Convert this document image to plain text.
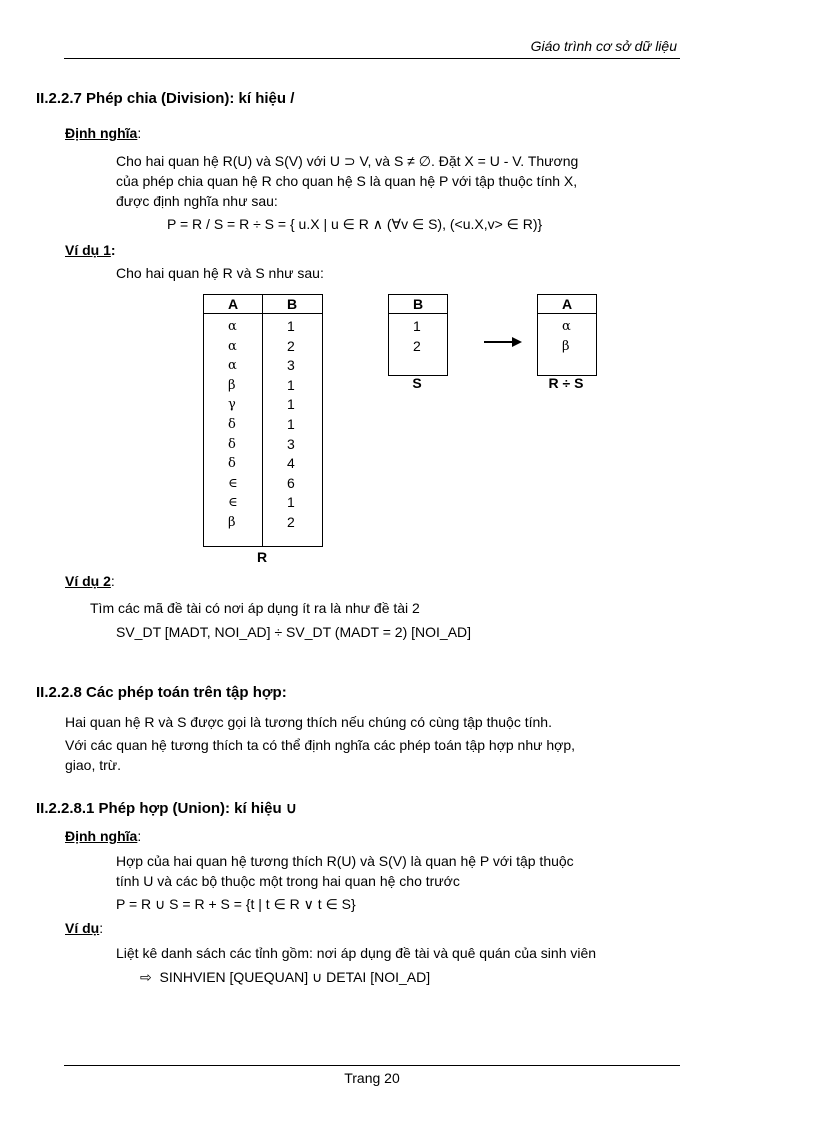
Giáo trình cơ sở dữ liệu
II.2.2.7 Phép chia (Division): kí hiệu /
Định nghĩa:
Cho hai quan hệ R(U) và S(V) với U ⊃ V, và S ≠ ∅. Đặt X = U - V. Thương
của phép chia quan hệ R cho quan hệ S là quan hệ P với tập thuộc tính X,
được định nghĩa như sau:
P = R / S = R ÷ S = { u.X | u ∈ R ∧ (∀v ∈ S), (<u.X,v> ∈ R)}
Ví dụ 1:
Cho hai quan hệ R và S như sau:
A	B
α
α
α
β
γ
δ
δ
δ
∈
∈
β
1
2
3
1
1
1
3
4
6
1
2
R
B
1
2
S
A
α
β
R ÷ S
Ví dụ 2:
Tìm các mã đề tài có nơi áp dụng ít ra là như đề tài 2
SV_DT [MADT, NOI_AD] ÷ SV_DT (MADT = 2) [NOI_AD]
II.2.2.8 Các phép toán trên tập hợp:
Hai quan hệ R và S được gọi là tương thích nếu chúng có cùng tập thuộc tính.
Với các quan hệ tương thích ta có thể định nghĩa các phép toán tập hợp như hợp,
giao, trừ.
II.2.2.8.1 Phép hợp (Union): kí hiệu ∪
Định nghĩa:
Hợp của hai quan hệ tương thích R(U) và S(V) là quan hệ P với tập thuộc
tính U và các bộ thuộc một trong hai quan hệ cho trước
P = R ∪ S = R + S = {t | t ∈ R ∨ t ∈ S}
Ví dụ:
Liệt kê danh sách các tỉnh gồm: nơi áp dụng đề tài và quê quán của sinh viên
⇨ SINHVIEN [QUEQUAN] ∪ DETAI [NOI_AD]
Trang 20
